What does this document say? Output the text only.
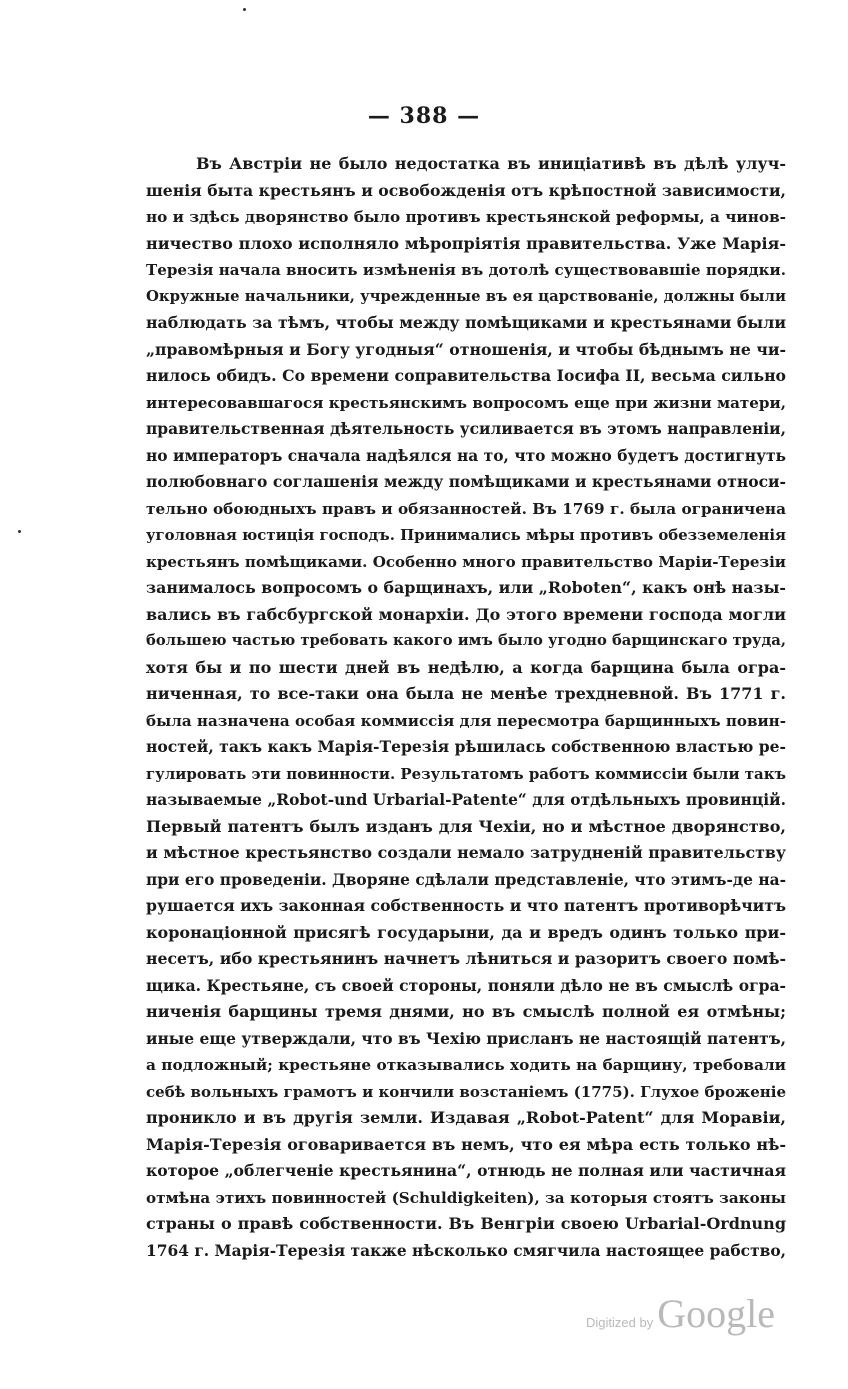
— 388 —
Въ Австріи не было недостатка въ иниціативѣ въ дѣлѣ улуч-
шенія быта крестьянъ и освобожденія отъ крѣпостной зависимости,
но и здѣсь дворянство было противъ крестьянской реформы, а чинов-
ничество плохо исполняло мѣропріятія правительства. Уже Марія-
Терезія начала вносить измѣненія въ дотолѣ существовавшіе порядки.
Окружные начальники, учрежденные въ ея царствованіе, должны были
наблюдать за тѣмъ, чтобы между помѣщиками и крестьянами были
„правомѣрныя и Богу угодныя“ отношенія, и чтобы бѣднымъ не чи-
нилось обидъ. Со времени соправительства Іосифа II, весьма сильно
интересовавшагося крестьянскимъ вопросомъ еще при жизни матери,
правительственная дѣятельность усиливается въ этомъ направленіи,
но императоръ сначала надѣялся на то, что можно будетъ достигнуть
полюбовнаго соглашенія между помѣщиками и крестьянами относи-
тельно обоюдныхъ правъ и обязанностей. Въ 1769 г. была ограничена
уголовная юстиція господъ. Принимались мѣры противъ обезземеленія
крестьянъ помѣщиками. Особенно много правительство Маріи-Терезіи
занималось вопросомъ о барщинахъ, или „Roboten“, какъ онѣ назы-
вались въ габсбургской монархіи. До этого времени господа могли
большею частью требовать какого имъ было угодно барщинскаго труда,
хотя бы и по шести дней въ недѣлю, а когда барщина была огра-
ниченная, то все-таки она была не менѣе трехдневной. Въ 1771 г.
была назначена особая коммиссія для пересмотра барщинныхъ повин-
ностей, такъ какъ Марія-Терезія рѣшилась собственною властью ре-
гулировать эти повинности. Результатомъ работъ коммиссіи были такъ
называемые „Robot-und Urbarial-Patente“ для отдѣльныхъ провинцій.
Первый патентъ былъ изданъ для Чехіи, но и мѣстное дворянство,
и мѣстное крестьянство создали немало затрудненій правительству
при его проведеніи. Дворяне сдѣлали представленіе, что этимъ-де на-
рушается ихъ законная собственность и что патентъ противорѣчитъ
коронаціонной присягѣ государыни, да и вредъ одинъ только при-
несетъ, ибо крестьянинъ начнетъ лѣниться и разоритъ своего помѣ-
щика. Крестьяне, съ своей стороны, поняли дѣло не въ смыслѣ огра-
ниченія барщины тремя днями, но въ смыслѣ полной ея отмѣны;
иные еще утверждали, что въ Чехію присланъ не настоящій патентъ,
а подложный; крестьяне отказывались ходить на барщину, требовали
себѣ вольныхъ грамотъ и кончили возстаніемъ (1775). Глухое броженіе
проникло и въ другія земли. Издавая „Robot-Patent“ для Моравіи,
Марія-Терезія оговаривается въ немъ, что ея мѣра есть только нѣ-
которое „облегченіе крестьянина“, отнюдь не полная или частичная
отмѣна этихъ повинностей (Schuldigkeiten), за которыя стоятъ законы
страны о правѣ собственности. Въ Венгріи своею Urbarial-Ordnung
1764 г. Марія-Терезія также нѣсколько смягчила настоящее рабство,
Digitized by Google
